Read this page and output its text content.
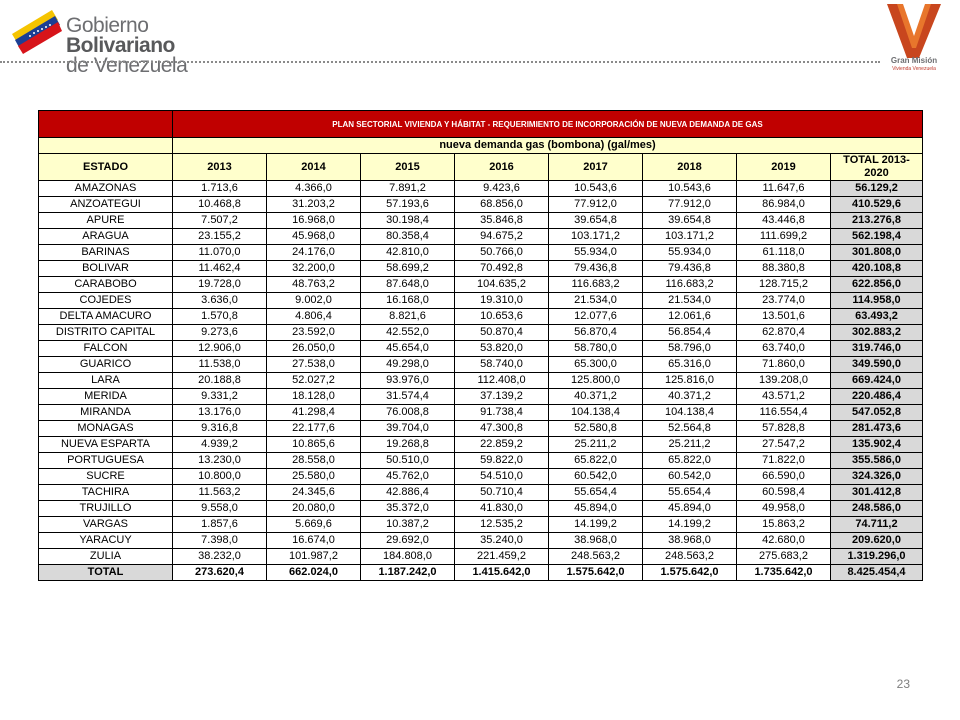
Gobierno Bolivariano
de Venezuela	Gran Misión
Vivienda Venezuela
	PLAN SECTORIAL VIVIENDA Y HÁBITAT - REQUERIMIENTO DE INCORPORACIÓN DE NUEVA DEMANDA DE GAS							
	nueva demanda gas (bombona) (gal/mes)							
ESTADO	2013	2014	2015	2016	2017	2018	2019	TOTAL 2013-2020
AMAZONAS	1.713,6	4.366,0	7.891,2	9.423,6	10.543,6	10.543,6	11.647,6	56.129,2
ANZOATEGUI	10.468,8	31.203,2	57.193,6	68.856,0	77.912,0	77.912,0	86.984,0	410.529,6
APURE	7.507,2	16.968,0	30.198,4	35.846,8	39.654,8	39.654,8	43.446,8	213.276,8
ARAGUA	23.155,2	45.968,0	80.358,4	94.675,2	103.171,2	103.171,2	111.699,2	562.198,4
BARINAS	11.070,0	24.176,0	42.810,0	50.766,0	55.934,0	55.934,0	61.118,0	301.808,0
BOLIVAR	11.462,4	32.200,0	58.699,2	70.492,8	79.436,8	79.436,8	88.380,8	420.108,8
CARABOBO	19.728,0	48.763,2	87.648,0	104.635,2	116.683,2	116.683,2	128.715,2	622.856,0
COJEDES	3.636,0	9.002,0	16.168,0	19.310,0	21.534,0	21.534,0	23.774,0	114.958,0
DELTA AMACURO	1.570,8	4.806,4	8.821,6	10.653,6	12.077,6	12.061,6	13.501,6	63.493,2
DISTRITO CAPITAL	9.273,6	23.592,0	42.552,0	50.870,4	56.870,4	56.854,4	62.870,4	302.883,2
FALCON	12.906,0	26.050,0	45.654,0	53.820,0	58.780,0	58.796,0	63.740,0	319.746,0
GUARICO	11.538,0	27.538,0	49.298,0	58.740,0	65.300,0	65.316,0	71.860,0	349.590,0
LARA	20.188,8	52.027,2	93.976,0	112.408,0	125.800,0	125.816,0	139.208,0	669.424,0
MERIDA	9.331,2	18.128,0	31.574,4	37.139,2	40.371,2	40.371,2	43.571,2	220.486,4
MIRANDA	13.176,0	41.298,4	76.008,8	91.738,4	104.138,4	104.138,4	116.554,4	547.052,8
MONAGAS	9.316,8	22.177,6	39.704,0	47.300,8	52.580,8	52.564,8	57.828,8	281.473,6
NUEVA ESPARTA	4.939,2	10.865,6	19.268,8	22.859,2	25.211,2	25.211,2	27.547,2	135.902,4
PORTUGUESA	13.230,0	28.558,0	50.510,0	59.822,0	65.822,0	65.822,0	71.822,0	355.586,0
SUCRE	10.800,0	25.580,0	45.762,0	54.510,0	60.542,0	60.542,0	66.590,0	324.326,0
TACHIRA	11.563,2	24.345,6	42.886,4	50.710,4	55.654,4	55.654,4	60.598,4	301.412,8
TRUJILLO	9.558,0	20.080,0	35.372,0	41.830,0	45.894,0	45.894,0	49.958,0	248.586,0
VARGAS	1.857,6	5.669,6	10.387,2	12.535,2	14.199,2	14.199,2	15.863,2	74.711,2
YARACUY	7.398,0	16.674,0	29.692,0	35.240,0	38.968,0	38.968,0	42.680,0	209.620,0
ZULIA	38.232,0	101.987,2	184.808,0	221.459,2	248.563,2	248.563,2	275.683,2	1.319.296,0
TOTAL	273.620,4	662.024,0	1.187.242,0	1.415.642,0	1.575.642,0	1.575.642,0	1.735.642,0	8.425.454,4
23
